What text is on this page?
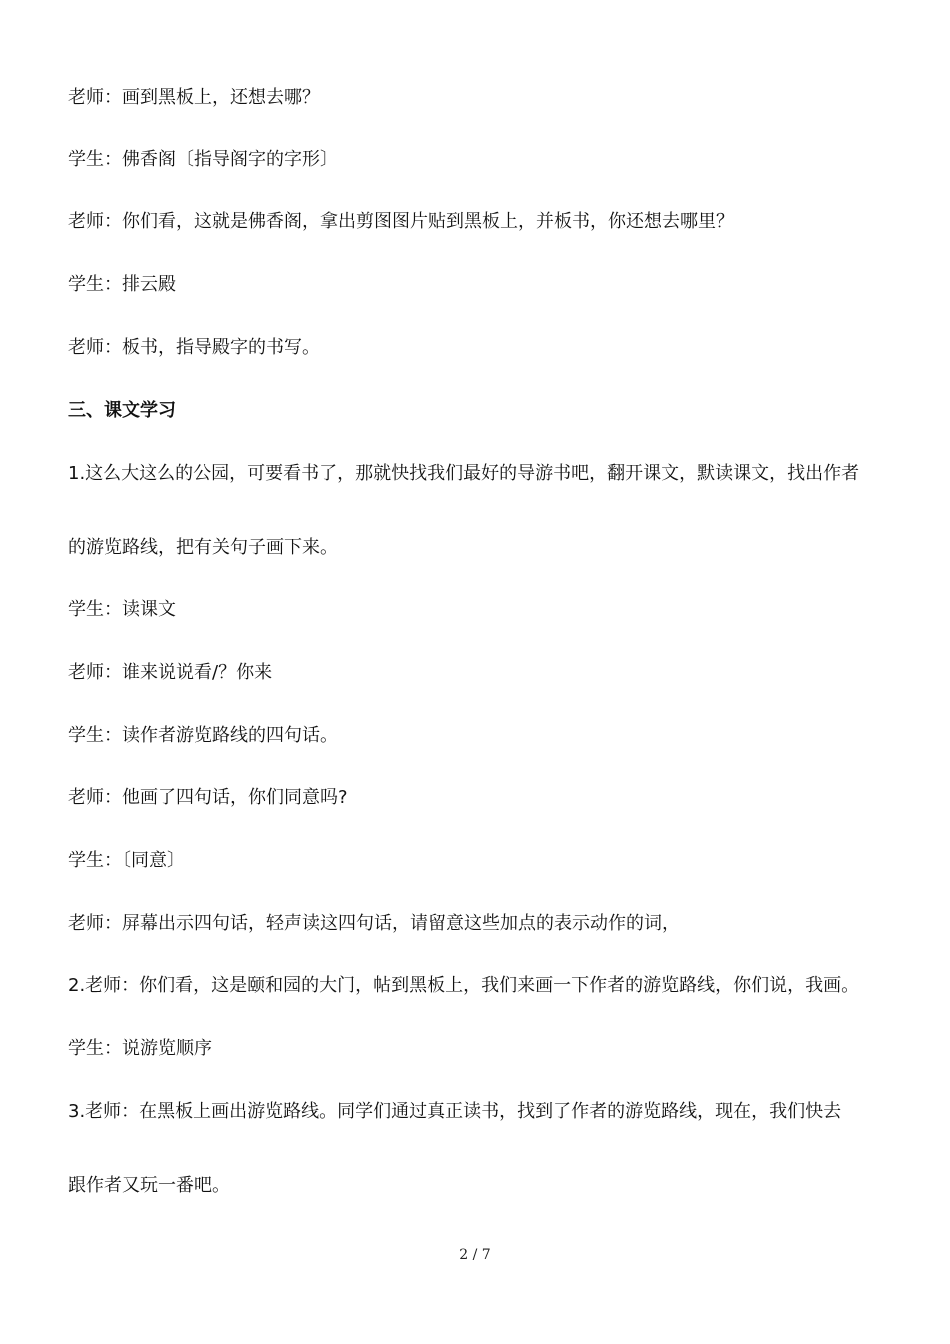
老师：画到黑板上，还想去哪？
学生：佛香阁〔指导阁字的字形〕
老师：你们看，这就是佛香阁，拿出剪图图片贴到黑板上，并板书，你还想去哪里？
学生：排云殿
老师：板书，指导殿字的书写。
三、课文学习
1.这么大这么的公园，可要看书了，那就快找我们最好的导游书吧，翻开课文，默读课文，找出作者
的游览路线，把有关句子画下来。
学生：读课文
老师：谁来说说看/？你来
学生：读作者游览路线的四句话。
老师：他画了四句话，你们同意吗?
学生：〔同意〕
老师：屏幕出示四句话，轻声读这四句话，请留意这些加点的表示动作的词，
2.老师：你们看，这是颐和园的大门，帖到黑板上，我们来画一下作者的游览路线，你们说，我画。
学生：说游览顺序
3.老师：在黑板上画出游览路线。同学们通过真正读书，找到了作者的游览路线，现在，我们快去
跟作者又玩一番吧。
2 / 7
